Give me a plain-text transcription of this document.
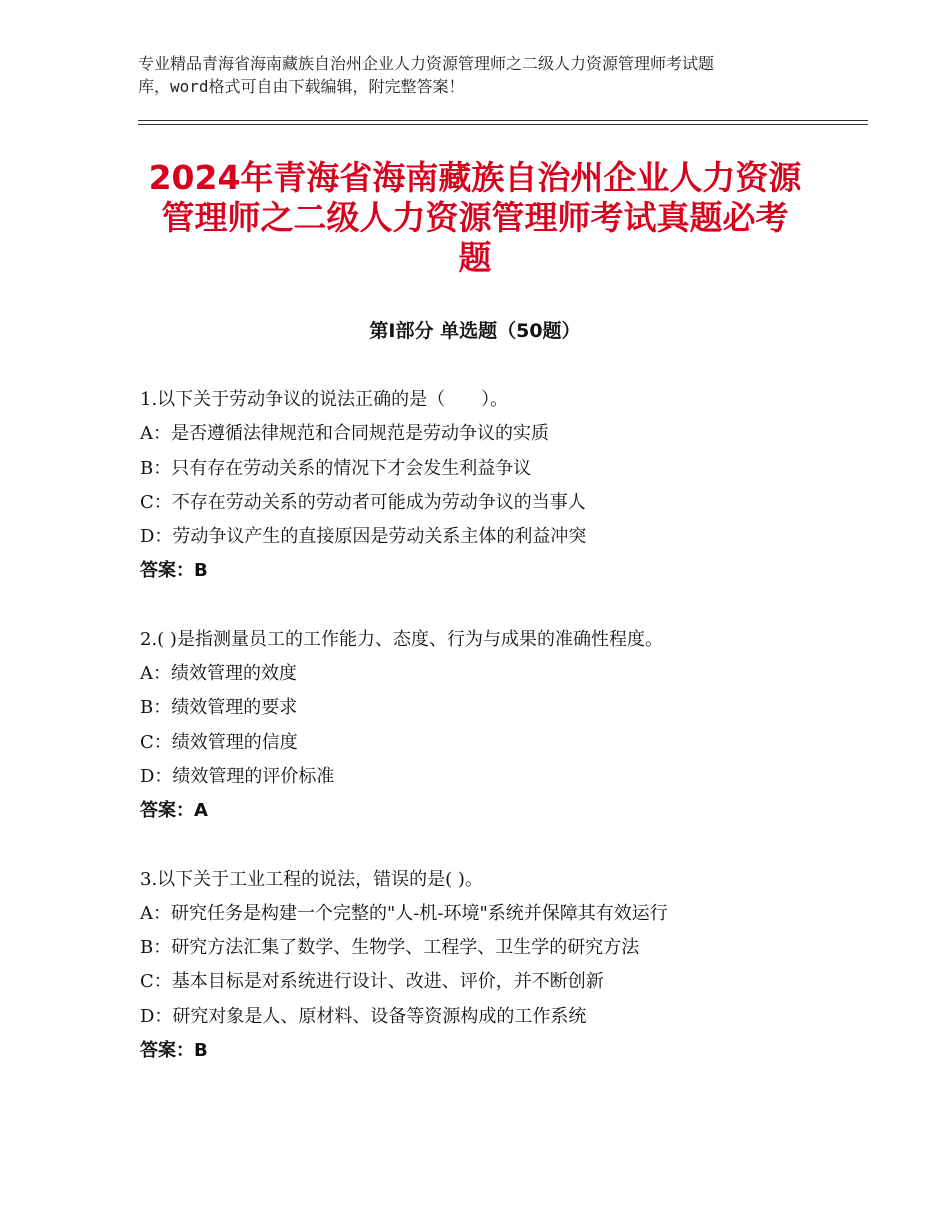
专业精品青海省海南藏族自治州企业人力资源管理师之二级人力资源管理师考试题
库，word格式可自由下载编辑，附完整答案！
2024年青海省海南藏族自治州企业人力资源
管理师之二级人力资源管理师考试真题必考
题
第Ⅰ部分 单选题（50题）
1.以下关于劳动争议的说法正确的是（　　）。
A：是否遵循法律规范和合同规范是劳动争议的实质
B：只有存在劳动关系的情况下才会发生利益争议
C：不存在劳动关系的劳动者可能成为劳动争议的当事人
D：劳动争议产生的直接原因是劳动关系主体的利益冲突
答案：B
2.( )是指测量员工的工作能力、态度、行为与成果的准确性程度。
A：绩效管理的效度
B：绩效管理的要求
C：绩效管理的信度
D：绩效管理的评价标准
答案：A
3.以下关于工业工程的说法，错误的是( )。
A：研究任务是构建一个完整的"人-机-环境"系统并保障其有效运行
B：研究方法汇集了数学、生物学、工程学、卫生学的研究方法
C：基本目标是对系统进行设计、改进、评价，并不断创新
D：研究对象是人、原材料、设备等资源构成的工作系统
答案：B
